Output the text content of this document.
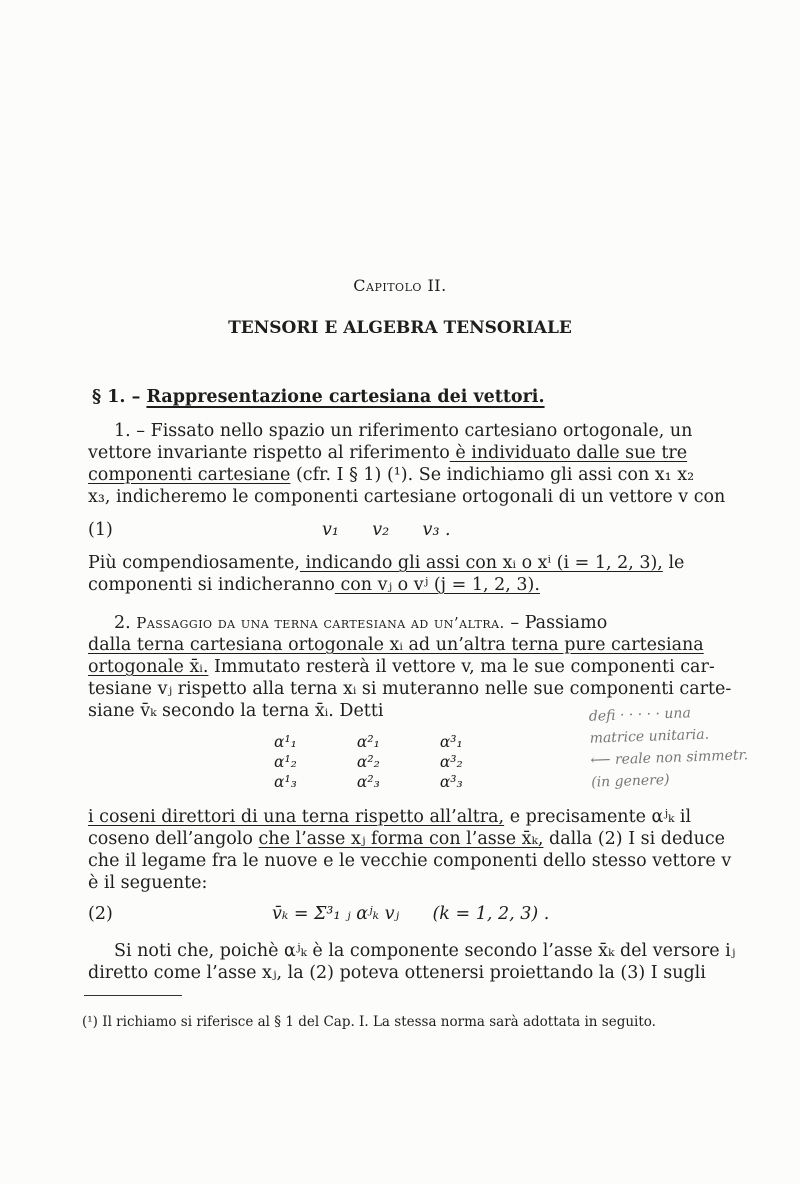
Capitolo II.
TENSORI E ALGEBRA TENSORIALE
§ 1. – Rappresentazione cartesiana dei vettori.
1. – Fissato nello spazio un riferimento cartesiano ortogonale, un
vettore invariante rispetto al riferimento è individuato dalle sue tre
componenti cartesiane (cfr. I § 1) (¹). Se indichiamo gli assi con x₁ x₂
x₃, indicheremo le componenti cartesiane ortogonali di un vettore v con
(1)	v₁      v₂      v₃ .
Più compendiosamente, indicando gli assi con xᵢ o xⁱ (i = 1, 2, 3), le
componenti si indicheranno con vⱼ o vʲ (j = 1, 2, 3).
2. Passaggio da una terna cartesiana ad un’altra. – Passiamo
dalla terna cartesiana ortogonale xᵢ ad un’altra terna pure cartesiana
ortogonale x̄ᵢ. Immutato resterà il vettore v, ma le sue componenti car-
tesiane vⱼ rispetto alla terna xᵢ si muteranno nelle sue componenti carte-
siane v̄ₖ secondo la terna x̄ᵢ. Detti
α¹₁	α²₁	α³₁
α¹₂	α²₂	α³₂
α¹₃	α²₃	α³₃
defi · · · · · una
matrice unitaria.
⟵ reale non simmetr.
(in genere)
i coseni direttori di una terna rispetto all’altra, e precisamente αʲₖ il
coseno dell’angolo che l’asse xⱼ forma con l’asse x̄ₖ, dalla (2) I si deduce
che il legame fra le nuove e le vecchie componenti dello stesso vettore v
è il seguente:
(2)	v̄ₖ = Σ³₁ ⱼ αʲₖ vⱼ      (k = 1, 2, 3) .
Si noti che, poichè αʲₖ è la componente secondo l’asse x̄ₖ del versore iⱼ
diretto come l’asse xⱼ, la (2) poteva ottenersi proiettando la (3) I sugli
(¹) Il richiamo si riferisce al § 1 del Cap. I. La stessa norma sarà adottata in seguito.
